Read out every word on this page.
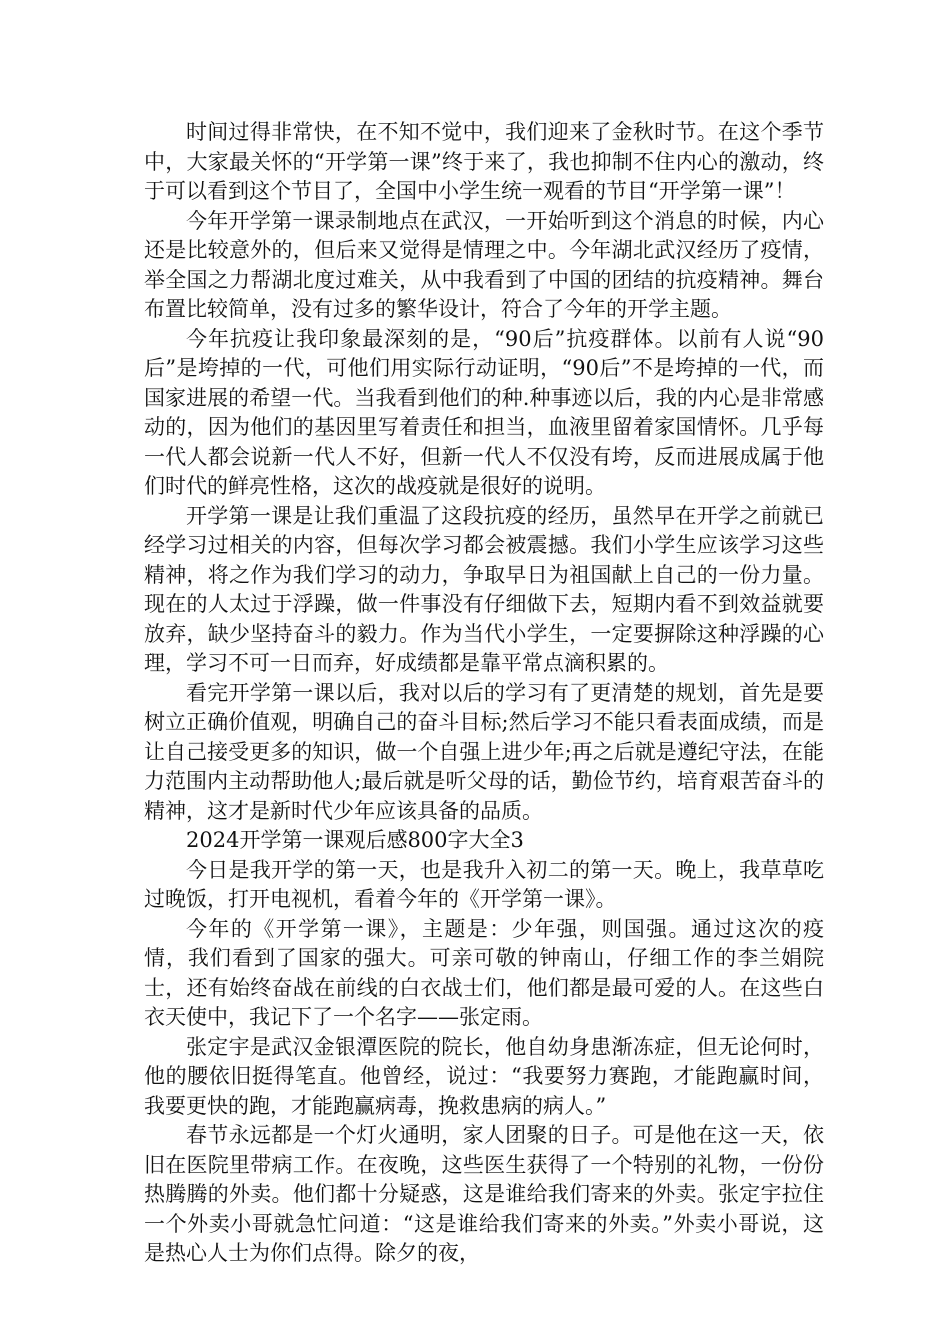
时间过得非常快，在不知不觉中，我们迎来了金秋时节。在这个季节中，大家最关怀的“开学第一课”终于来了，我也抑制不住内心的激动，终于可以看到这个节目了，全国中小学生统一观看的节目“开学第一课”！

今年开学第一课录制地点在武汉，一开始听到这个消息的时候，内心还是比较意外的，但后来又觉得是情理之中。今年湖北武汉经历了疫情，举全国之力帮湖北度过难关，从中我看到了中国的团结的抗疫精神。舞台布置比较简单，没有过多的繁华设计，符合了今年的开学主题。

今年抗疫让我印象最深刻的是，“90后”抗疫群体。以前有人说“90后”是垮掉的一代，可他们用实际行动证明，“90后”不是垮掉的一代，而国家进展的希望一代。当我看到他们的种.种事迹以后，我的内心是非常感动的，因为他们的基因里写着责任和担当，血液里留着家国情怀。几乎每一代人都会说新一代人不好，但新一代人不仅没有垮，反而进展成属于他们时代的鲜亮性格，这次的战疫就是很好的说明。

开学第一课是让我们重温了这段抗疫的经历，虽然早在开学之前就已经学习过相关的内容，但每次学习都会被震撼。我们小学生应该学习这些精神，将之作为我们学习的动力，争取早日为祖国献上自己的一份力量。现在的人太过于浮躁，做一件事没有仔细做下去，短期内看不到效益就要放弃，缺少坚持奋斗的毅力。作为当代小学生，一定要摒除这种浮躁的心理，学习不可一日而弃，好成绩都是靠平常点滴积累的。

看完开学第一课以后，我对以后的学习有了更清楚的规划，首先是要树立正确价值观，明确自己的奋斗目标;然后学习不能只看表面成绩，而是让自己接受更多的知识，做一个自强上进少年;再之后就是遵纪守法，在能力范围内主动帮助他人;最后就是听父母的话，勤俭节约，培育艰苦奋斗的精神，这才是新时代少年应该具备的品质。

2024开学第一课观后感800字大全3

今日是我开学的第一天，也是我升入初二的第一天。晚上，我草草吃过晚饭，打开电视机，看着今年的《开学第一课》。

今年的《开学第一课》，主题是：少年强，则国强。通过这次的疫情，我们看到了国家的强大。可亲可敬的钟南山，仔细工作的李兰娟院士，还有始终奋战在前线的白衣战士们，他们都是最可爱的人。在这些白衣天使中，我记下了一个名字——张定雨。

张定宇是武汉金银潭医院的院长，他自幼身患渐冻症，但无论何时，他的腰依旧挺得笔直。他曾经，说过：“我要努力赛跑，才能跑赢时间，我要更快的跑，才能跑赢病毒，挽救患病的病人。”

春节永远都是一个灯火通明，家人团聚的日子。可是他在这一天，依旧在医院里带病工作。在夜晚，这些医生获得了一个特别的礼物，一份份热腾腾的外卖。他们都十分疑惑，这是谁给我们寄来的外卖。张定宇拉住一个外卖小哥就急忙问道：“这是谁给我们寄来的外卖。”外卖小哥说，这是热心人士为你们点得。除夕的夜，
